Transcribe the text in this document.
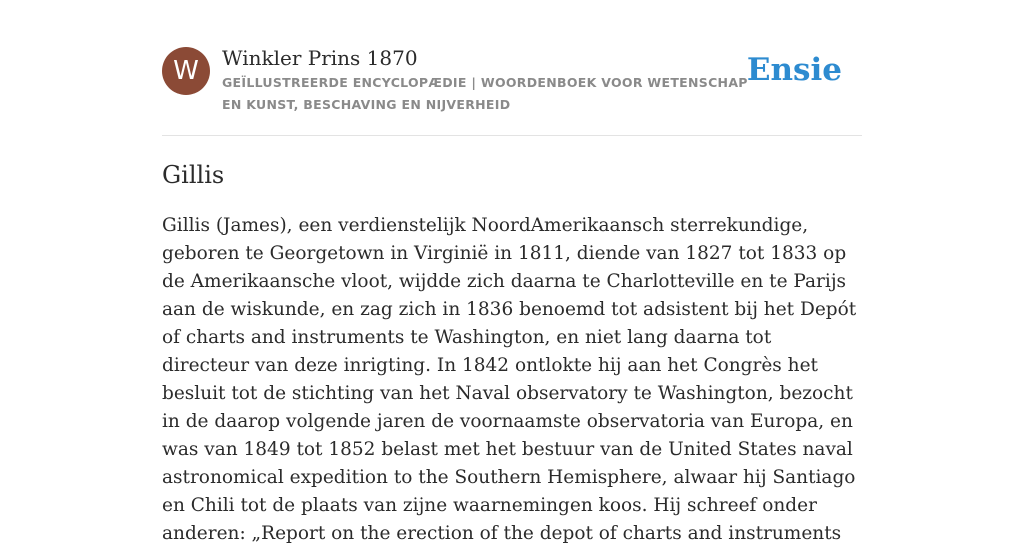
W	Winkler Prins 1870

GEÏLLUSTREERDE ENCYCLOPÆDIE | WOORDENBOEK VOOR WETENSCHAP EN KUNST, BESCHAVING EN NIJVERHEID

Ensie
Gillis

Gillis (James), een verdienstelijk NoordAmerikaansch sterrekundige, geboren te Georgetown in Virginië in 1811, diende van 1827 tot 1833 op de Amerikaansche vloot, wijdde zich daarna te Charlotteville en te Parijs aan de wiskunde, en zag zich in 1836 benoemd tot adsistent bij het Depót of charts and instruments te Washington, en niet lang daarna tot directeur van deze inrigting. In 1842 ontlokte hij aan het Congrès het besluit tot de stichting van het Naval observatory te Washington, bezocht in de daarop volgende jaren de voornaamste observatoria van Europa, en was van 1849 tot 1852 belast met het bestuur van de United States naval astronomical expedition to the Southern Hemisphere, alwaar hij Santiago en Chili tot de plaats van zijne waarnemingen koos. Hij schreef onder anderen: „Report on the erection of the depot of charts and instruments
